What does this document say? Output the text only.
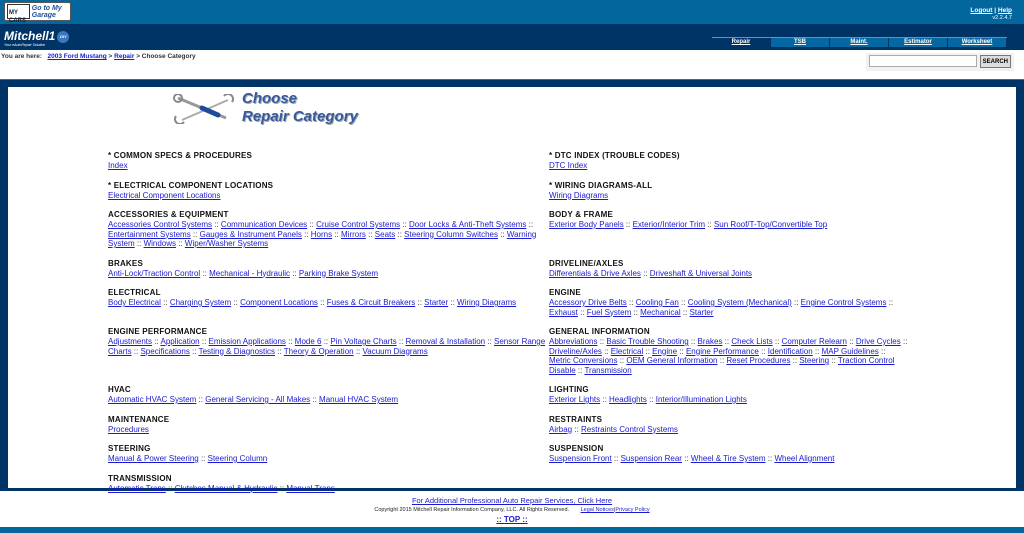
MY CARS
Go to My Garage
Logout | Help
v2.2.4.7
Mitchell1 DIY
Your eAutoRepair Solution	Repair	TSB	Maint.	Estimator	Worksheet
You are here: 2003 Ford Mustang > Repair > Choose Category
SEARCH
Choose
Repair Category
* COMMON SPECS & PROCEDURES
Index
* DTC INDEX (TROUBLE CODES)
DTC Index
* ELECTRICAL COMPONENT LOCATIONS
Electrical Component Locations
* WIRING DIAGRAMS-ALL
Wiring Diagrams
ACCESSORIES & EQUIPMENT
Accessories Control Systems :: Communication Devices :: Cruise Control Systems :: Door Locks & Anti-Theft Systems :: Entertainment Systems :: Gauges & Instrument Panels :: Horns :: Mirrors :: Seats :: Steering Column Switches :: Warning System :: Windows :: Wiper/Washer Systems
BODY & FRAME
Exterior Body Panels :: Exterior/Interior Trim :: Sun Roof/T-Top/Convertible Top
BRAKES
Anti-Lock/Traction Control :: Mechanical - Hydraulic :: Parking Brake System
DRIVELINE/AXLES
Differentials & Drive Axles :: Driveshaft & Universal Joints
ELECTRICAL
Body Electrical :: Charging System :: Component Locations :: Fuses & Circuit Breakers :: Starter :: Wiring Diagrams
ENGINE
Accessory Drive Belts :: Cooling Fan :: Cooling System (Mechanical) :: Engine Control Systems :: Exhaust :: Fuel System :: Mechanical :: Starter
ENGINE PERFORMANCE
Adjustments :: Application :: Emission Applications :: Mode 6 :: Pin Voltage Charts :: Removal & Installation :: Sensor Range Charts :: Specifications :: Testing & Diagnostics :: Theory & Operation :: Vacuum Diagrams
GENERAL INFORMATION
Abbreviations :: Basic Trouble Shooting :: Brakes :: Check Lists :: Computer Relearn :: Drive Cycles :: Driveline/Axles :: Electrical :: Engine :: Engine Performance :: Identification :: MAP Guidelines :: Metric Conversions :: OEM General Information :: Reset Procedures :: Steering :: Traction Control Disable :: Transmission
HVAC
Automatic HVAC System :: General Servicing - All Makes :: Manual HVAC System
LIGHTING
Exterior Lights :: Headlights :: Interior/Illumination Lights
MAINTENANCE
Procedures
RESTRAINTS
Airbag :: Restraints Control Systems
STEERING
Manual & Power Steering :: Steering Column
SUSPENSION
Suspension Front :: Suspension Rear :: Wheel & Tire System :: Wheel Alignment
TRANSMISSION
Automatic Trans :: Clutches Manual & Hydraulic :: Manual Trans
For Additional Professional Auto Repair Services, Click Here
Copyright 2015 Mitchell Repair Information Company, LLC. All Rights Reserved. Legal Notices|Privacy Policy
:: TOP ::
